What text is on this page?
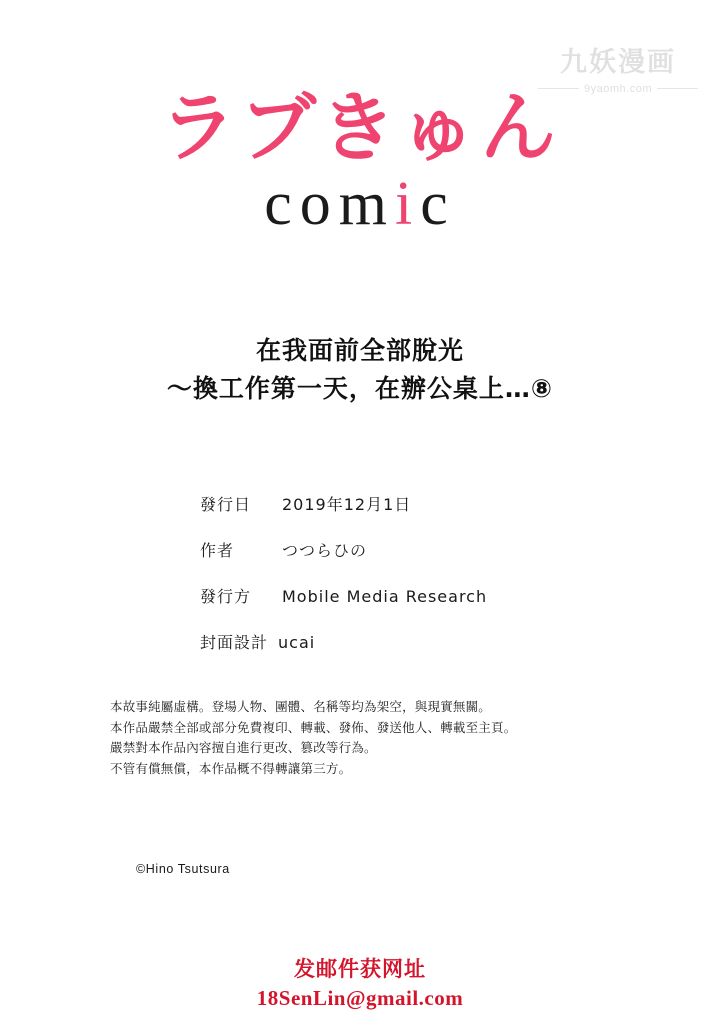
九妖漫画
9yaomh.com
ラブきゅん
comic
在我面前全部脫光
～換工作第一天，在辦公桌上…⑧
發行日	2019年12月1日
作者	つつらひの
發行方	Mobile Media Research
封面設計 ucai
本故事純屬虛構。登場人物、團體、名稱等均為架空，與現實無關。
本作品嚴禁全部或部分免費複印、轉載、發佈、發送他人、轉載至主頁。
嚴禁對本作品內容擅自進行更改、篡改等行為。
不管有償無償，本作品概不得轉讓第三方。
©Hino Tsutsura
发邮件获网址
18SenLin@gmail.com
